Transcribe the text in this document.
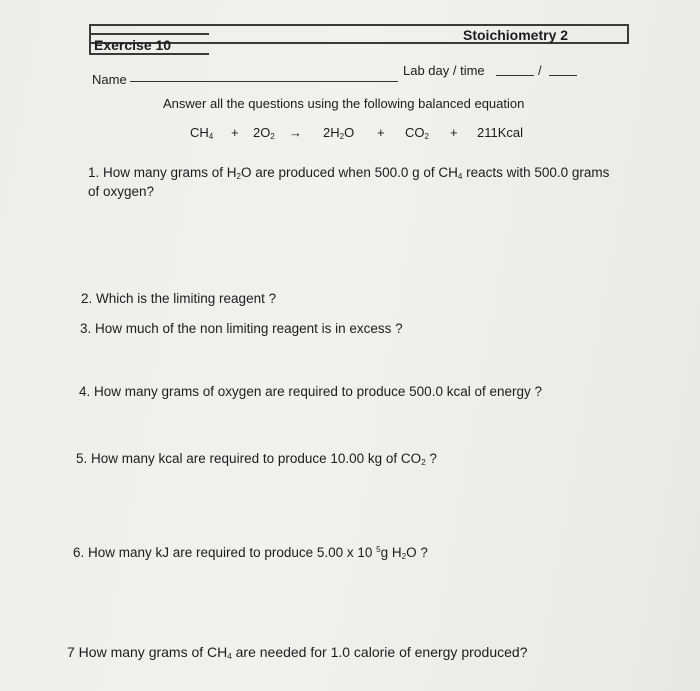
Exercise 10
Stoichiometry 2
Name
Lab day / time	/
Answer all the questions using the following balanced equation
$CH_4 + 2O_2 \to 2H_2O + CO_2$ + 211Kcal
1. How many grams of $H_2O$ are produced when 500.0 g of $CH_4$ reacts with 500.0 grams
of oxygen?
2. Which is the limiting reagent ?
3. How much of the non limiting reagent is in excess ?
4. How many grams of oxygen are required to produce 500.0 kcal of energy ?
5. How many kcal are required to produce 10.00 kg of $CO_2$ ?
6. How many kJ are required to produce 5.00 x 10 $^5$g $H_2O$ ?
7 How many grams of $CH_4$ are needed for 1.0 calorie of energy produced?
